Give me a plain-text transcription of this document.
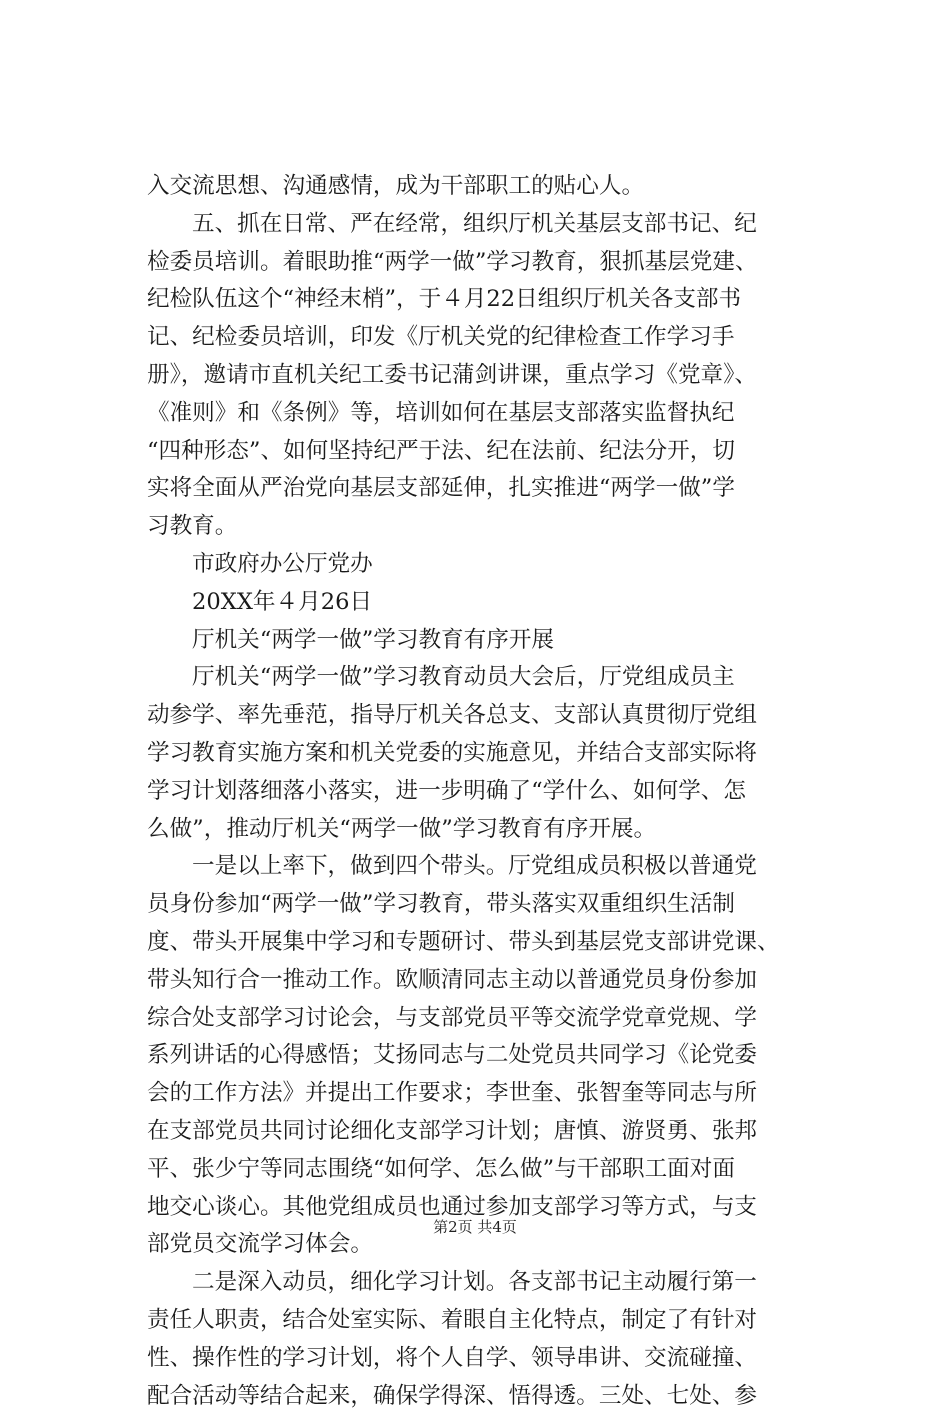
入交流思想、沟通感情，成为干部职工的贴心人。
五、抓在日常、严在经常，组织厅机关基层支部书记、纪
检委员培训。着眼助推“两学一做”学习教育，狠抓基层党建、
纪检队伍这个“神经末梢”，于４月22日组织厅机关各支部书
记、纪检委员培训，印发《厅机关党的纪律检查工作学习手
册》，邀请市直机关纪工委书记蒲剑讲课，重点学习《党章》、
《准则》和《条例》等，培训如何在基层支部落实监督执纪
“四种形态”、如何坚持纪严于法、纪在法前、纪法分开，切
实将全面从严治党向基层支部延伸，扎实推进“两学一做”学
习教育。
市政府办公厅党办
20XX年４月26日
厅机关“两学一做”学习教育有序开展
厅机关“两学一做”学习教育动员大会后，厅党组成员主
动参学、率先垂范，指导厅机关各总支、支部认真贯彻厅党组
学习教育实施方案和机关党委的实施意见，并结合支部实际将
学习计划落细落小落实，进一步明确了“学什么、如何学、怎
么做”，推动厅机关“两学一做”学习教育有序开展。
一是以上率下，做到四个带头。厅党组成员积极以普通党
员身份参加“两学一做”学习教育，带头落实双重组织生活制
度、带头开展集中学习和专题研讨、带头到基层党支部讲党课、
带头知行合一推动工作。欧顺清同志主动以普通党员身份参加
综合处支部学习讨论会，与支部党员平等交流学党章党规、学
系列讲话的心得感悟；艾扬同志与二处党员共同学习《论党委
会的工作方法》并提出工作要求；李世奎、张智奎等同志与所
在支部党员共同讨论细化支部学习计划；唐慎、游贤勇、张邦
平、张少宁等同志围绕“如何学、怎么做”与干部职工面对面
地交心谈心。其他党组成员也通过参加支部学习等方式，与支
部党员交流学习体会。
二是深入动员，细化学习计划。各支部书记主动履行第一
责任人职责，结合处室实际、着眼自主化特点，制定了有针对
性、操作性的学习计划，将个人自学、领导串讲、交流碰撞、
配合活动等结合起来，确保学得深、悟得透。三处、七处、参
第2页 共4页
